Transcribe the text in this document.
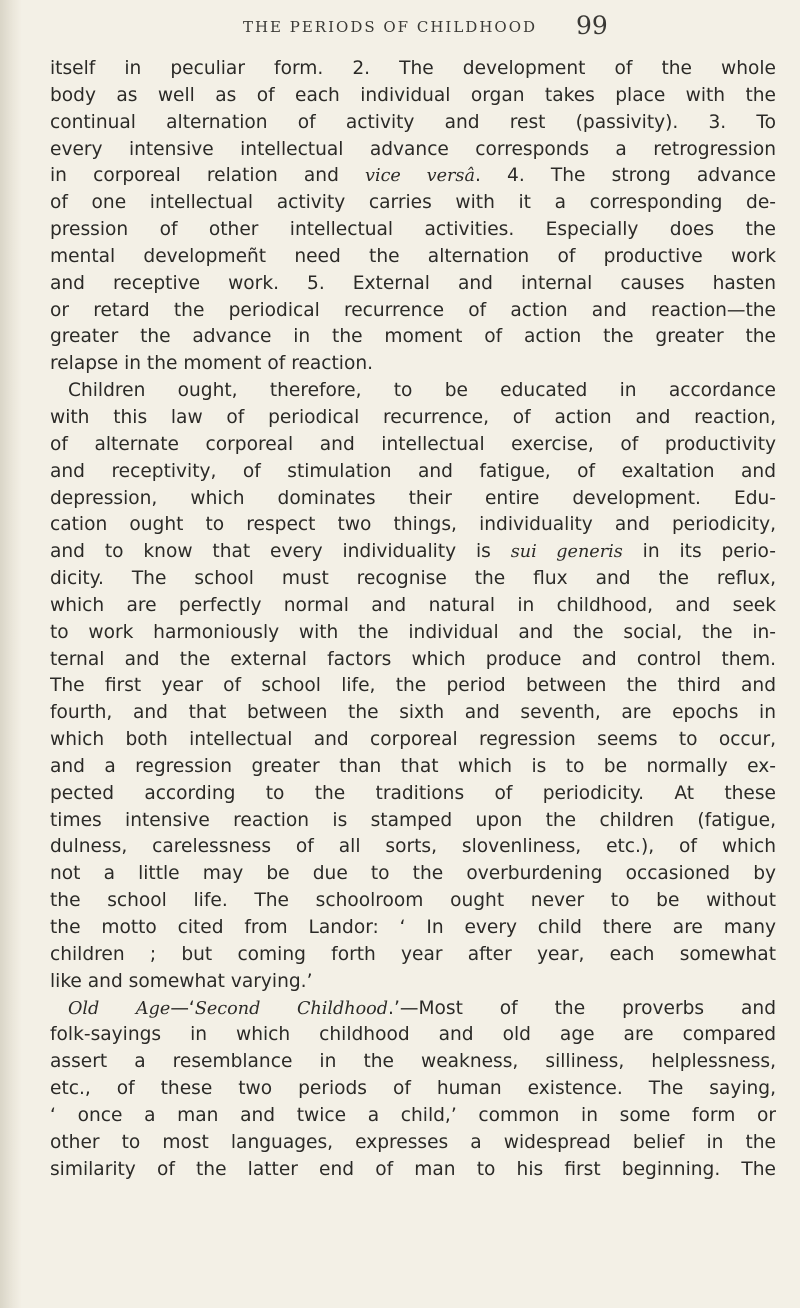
THE PERIODS OF CHILDHOOD	99
itself in peculiar form. 2. The development of the whole
body as well as of each individual organ takes place with the
continual alternation of activity and rest (passivity). 3. To
every intensive intellectual advance corresponds a retrogression
in corporeal relation and vice versâ. 4. The strong advance
of one intellectual activity carries with it a corresponding de-
pression of other intellectual activities. Especially does the
mental developmeñt need the alternation of productive work
and receptive work. 5. External and internal causes hasten
or retard the periodical recurrence of action and reaction—the
greater the advance in the moment of action the greater the
relapse in the moment of reaction.
Children ought, therefore, to be educated in accordance
with this law of periodical recurrence, of action and reaction,
of alternate corporeal and intellectual exercise, of productivity
and receptivity, of stimulation and fatigue, of exaltation and
depression, which dominates their entire development. Edu-
cation ought to respect two things, individuality and periodicity,
and to know that every individuality is sui generis in its perio-
dicity. The school must recognise the flux and the reflux,
which are perfectly normal and natural in childhood, and seek
to work harmoniously with the individual and the social, the in-
ternal and the external factors which produce and control them.
The first year of school life, the period between the third and
fourth, and that between the sixth and seventh, are epochs in
which both intellectual and corporeal regression seems to occur,
and a regression greater than that which is to be normally ex-
pected according to the traditions of periodicity. At these
times intensive reaction is stamped upon the children (fatigue,
dulness, carelessness of all sorts, slovenliness, etc.), of which
not a little may be due to the overburdening occasioned by
the school life. The schoolroom ought never to be without
the motto cited from Landor: ‘ In every child there are many
children ; but coming forth year after year, each somewhat
like and somewhat varying.’
Old Age—‘Second Childhood.’—Most of the proverbs and
folk-sayings in which childhood and old age are compared
assert a resemblance in the weakness, silliness, helplessness,
etc., of these two periods of human existence. The saying,
‘ once a man and twice a child,’ common in some form or
other to most languages, expresses a widespread belief in the
similarity of the latter end of man to his first beginning. The
